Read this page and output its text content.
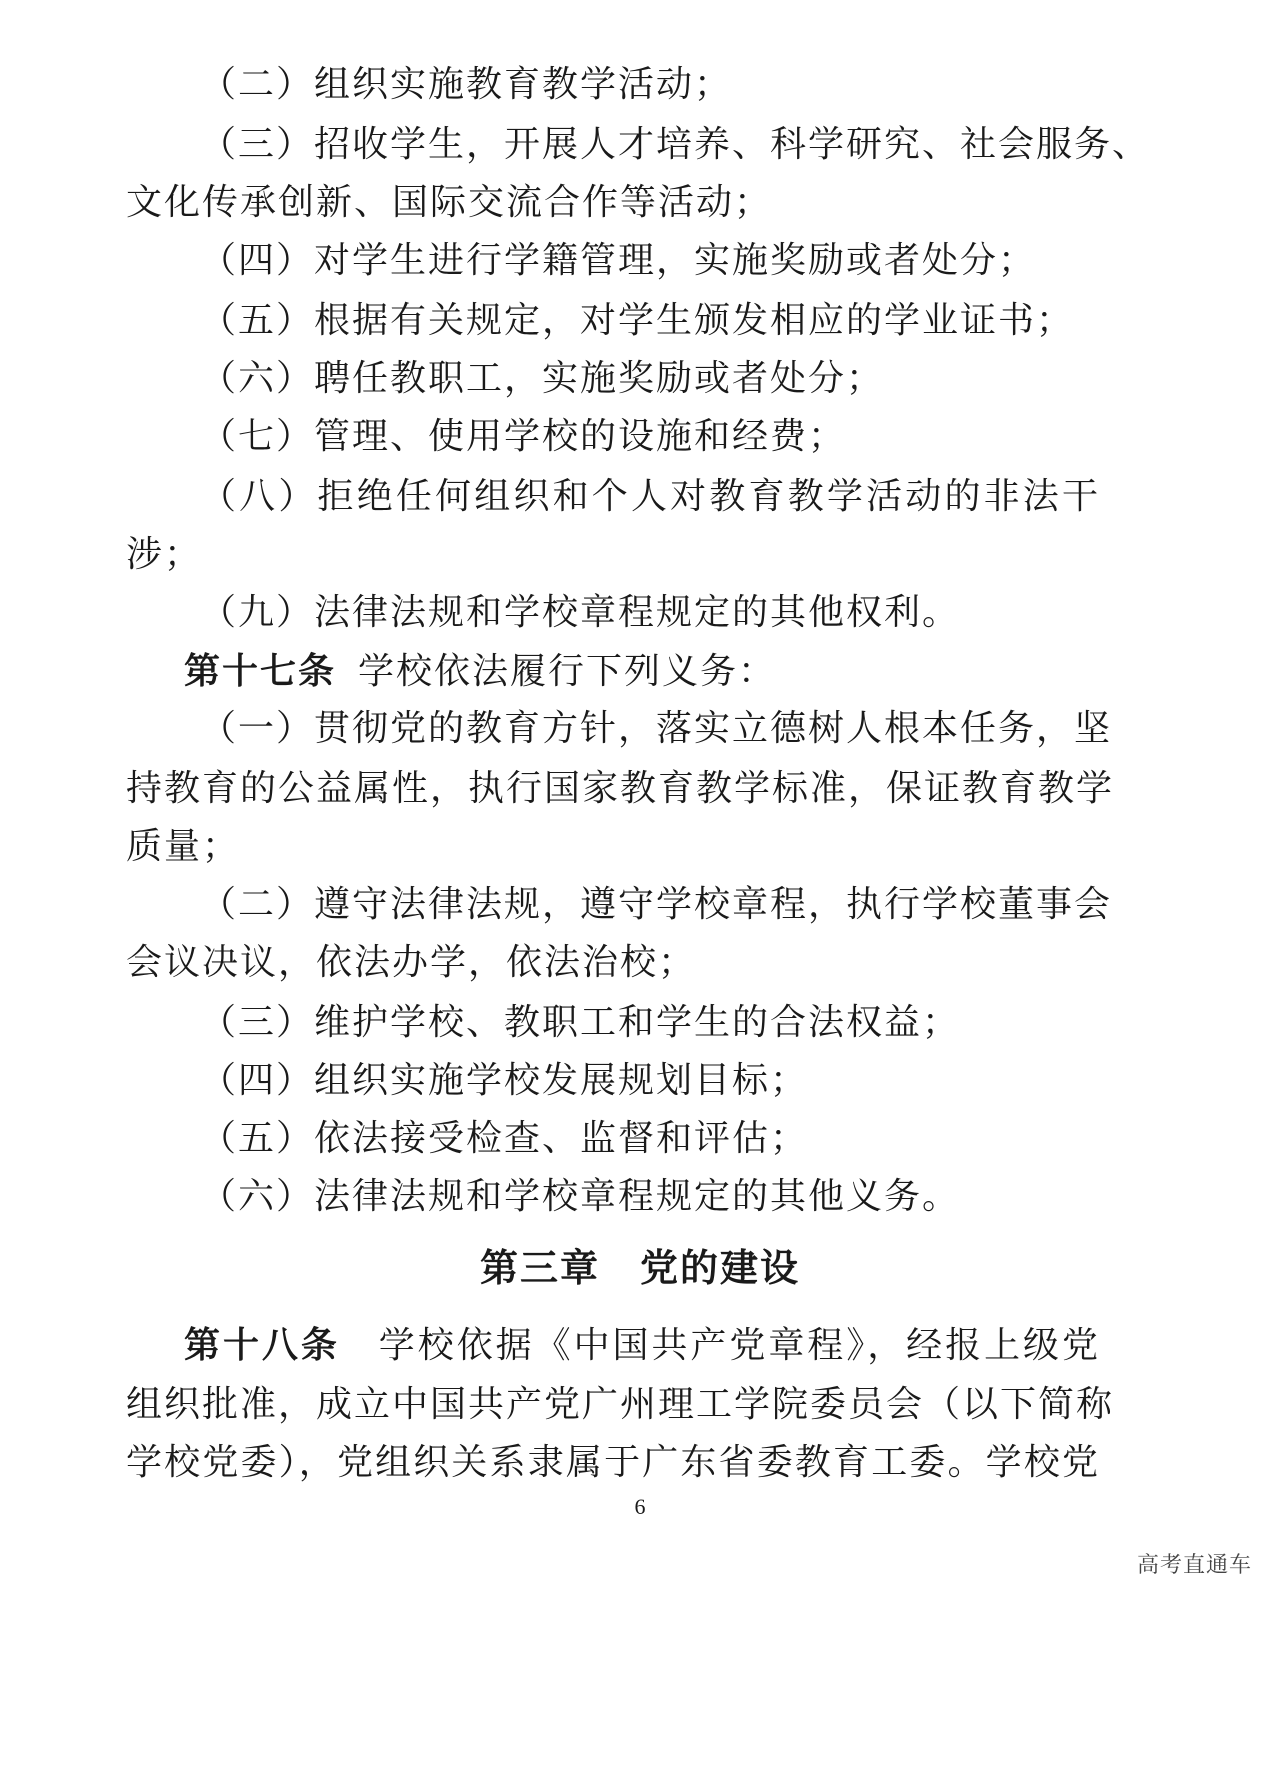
（二）组织实施教育教学活动；
（三）招收学生，开展人才培养、科学研究、社会服务、
文化传承创新、国际交流合作等活动；
（四）对学生进行学籍管理，实施奖励或者处分；
（五）根据有关规定，对学生颁发相应的学业证书；
（六）聘任教职工，实施奖励或者处分；
（七）管理、使用学校的设施和经费；
（八）拒绝任何组织和个人对教育教学活动的非法干
涉；
（九）法律法规和学校章程规定的其他权利。
第十七条 学校依法履行下列义务：
（一）贯彻党的教育方针，落实立德树人根本任务，坚
持教育的公益属性，执行国家教育教学标准，保证教育教学
质量；
（二）遵守法律法规，遵守学校章程，执行学校董事会
会议决议，依法办学，依法治校；
（三）维护学校、教职工和学生的合法权益；
（四）组织实施学校发展规划目标；
（五）依法接受检查、监督和评估；
（六）法律法规和学校章程规定的其他义务。
第三章　党的建设
第十八条　 学校依据《中国共产党章程》，经报上级党
组织批准，成立中国共产党广州理工学院委员会（以下简称
学校党委），党组织关系隶属于广东省委教育工委。学校党
6
高考直通车
